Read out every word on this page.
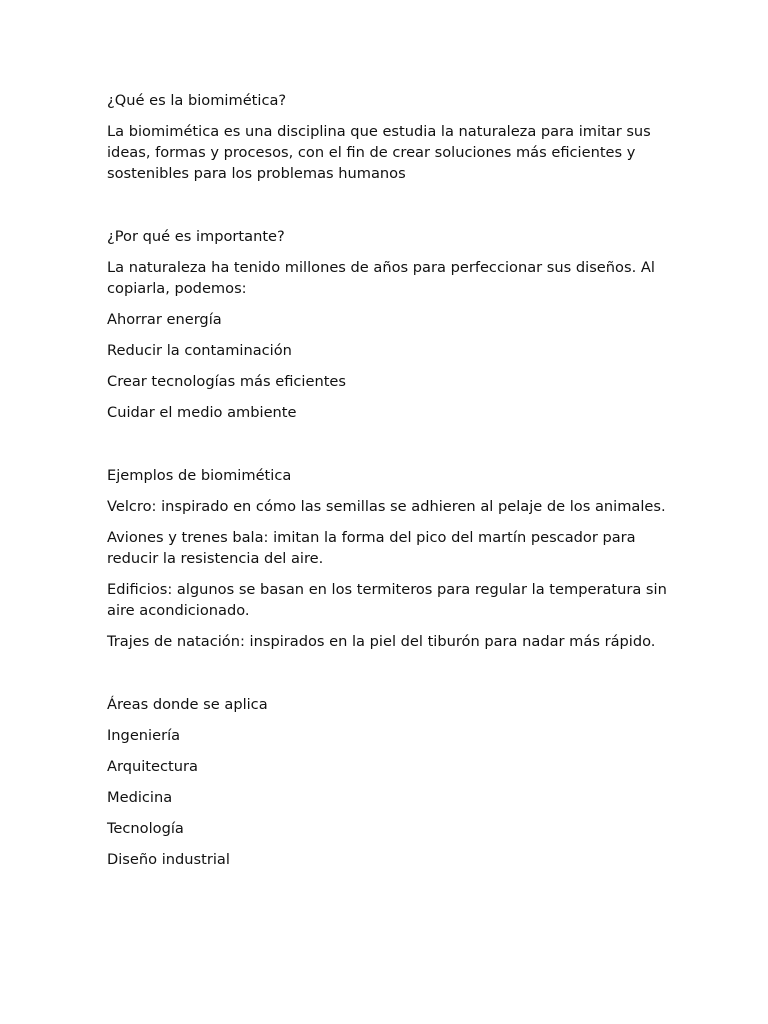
¿Qué es la biomimética?

La biomimética es una disciplina que estudia la naturaleza para imitar sus ideas, formas y procesos, con el fin de crear soluciones más eficientes y sostenibles para los problemas humanos

¿Por qué es importante?

La naturaleza ha tenido millones de años para perfeccionar sus diseños. Al copiarla, podemos:

Ahorrar energía

Reducir la contaminación

Crear tecnologías más eficientes

Cuidar el medio ambiente

Ejemplos de biomimética

Velcro: inspirado en cómo las semillas se adhieren al pelaje de los animales.

Aviones y trenes bala: imitan la forma del pico del martín pescador para reducir la resistencia del aire.

Edificios: algunos se basan en los termiteros para regular la temperatura sin aire acondicionado.

Trajes de natación: inspirados en la piel del tiburón para nadar más rápido.

Áreas donde se aplica

Ingeniería

Arquitectura

Medicina

Tecnología

Diseño industrial
